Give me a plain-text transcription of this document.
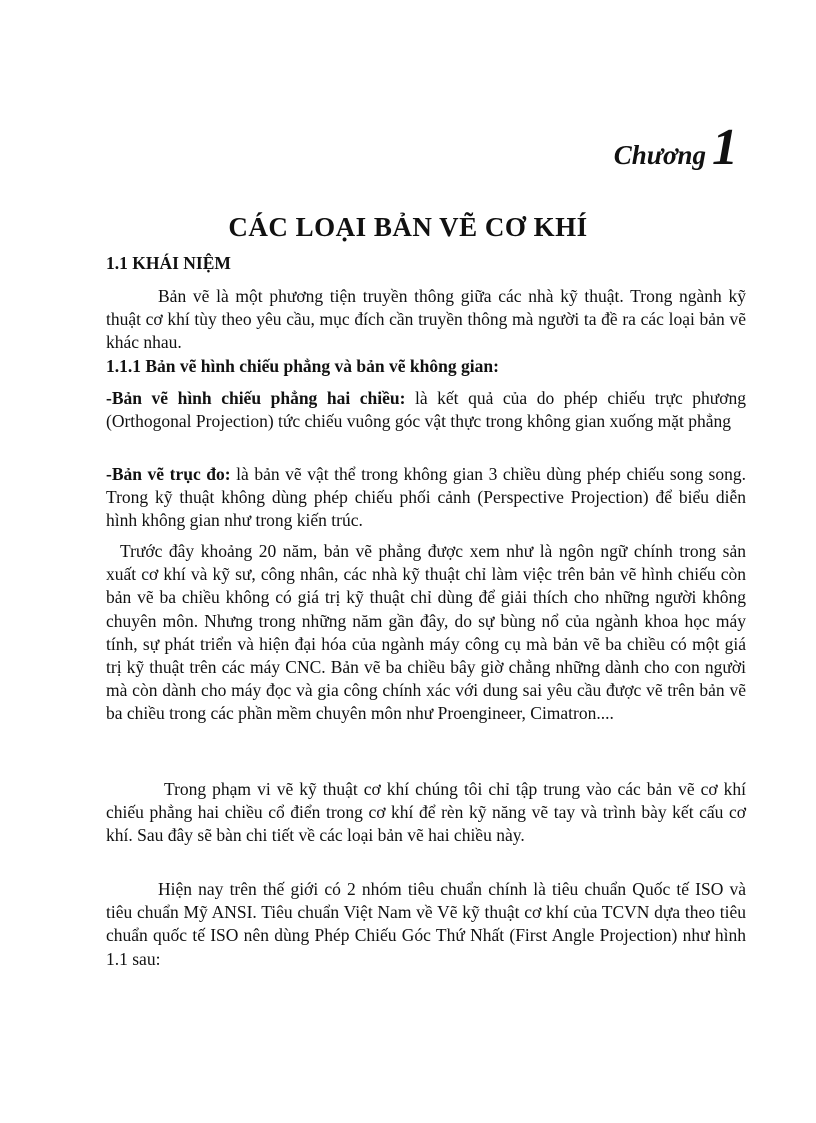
Chương 1
CÁC LOẠI BẢN VẼ CƠ KHÍ
1.1 KHÁI NIỆM

Bản vẽ là một phương tiện truyền thông giữa các nhà kỹ thuật. Trong ngành kỹ thuật cơ khí tùy theo yêu cầu, mục đích cần truyền thông mà người ta đề ra các loại bản vẽ khác nhau.

1.1.1 Bản vẽ hình chiếu phẳng và bản vẽ không gian:

-Bản vẽ hình chiếu phẳng hai chiều: là kết quả của do phép chiếu trực phương (Orthogonal Projection) tức chiếu vuông góc vật thực trong không gian xuống mặt phẳng

-Bản vẽ trục đo: là bản vẽ vật thể trong không gian 3 chiều dùng phép chiếu song song. Trong kỹ thuật không dùng phép chiếu phối cảnh (Perspective Projection) để biểu diễn hình không gian như trong kiến trúc.

Trước đây khoảng 20 năm, bản vẽ phẳng được xem như là ngôn ngữ chính trong sản xuất cơ khí và kỹ sư, công nhân, các nhà kỹ thuật chỉ làm việc trên bản vẽ hình chiếu còn bản vẽ ba chiều không có giá trị kỹ thuật chỉ dùng để giải thích cho những người không chuyên môn. Nhưng trong những năm gần đây, do sự bùng nổ của ngành khoa học máy tính, sự phát triển và hiện đại hóa của ngành máy công cụ mà bản vẽ ba chiều có một giá trị kỹ thuật trên các máy CNC. Bản vẽ ba chiều bây giờ chẳng những dành cho con người mà còn dành cho máy đọc và gia công chính xác với dung sai yêu cầu được vẽ trên bản vẽ ba chiều trong các phần mềm chuyên môn như Proengineer, Cimatron....

Trong phạm vi vẽ kỹ thuật cơ khí chúng tôi chỉ tập trung vào các bản vẽ cơ khí chiếu phẳng hai chiều cổ điển trong cơ khí để rèn kỹ năng vẽ tay và trình bày kết cấu cơ khí. Sau đây sẽ bàn chi tiết về các loại bản vẽ hai chiều này.

Hiện nay trên thế giới có 2 nhóm tiêu chuẩn chính là tiêu chuẩn Quốc tế ISO và tiêu chuẩn Mỹ ANSI. Tiêu chuẩn Việt Nam về Vẽ kỹ thuật cơ khí của TCVN dựa theo tiêu chuẩn quốc tế ISO nên dùng Phép Chiếu Góc Thứ Nhất (First Angle Projection) như hình 1.1 sau:
